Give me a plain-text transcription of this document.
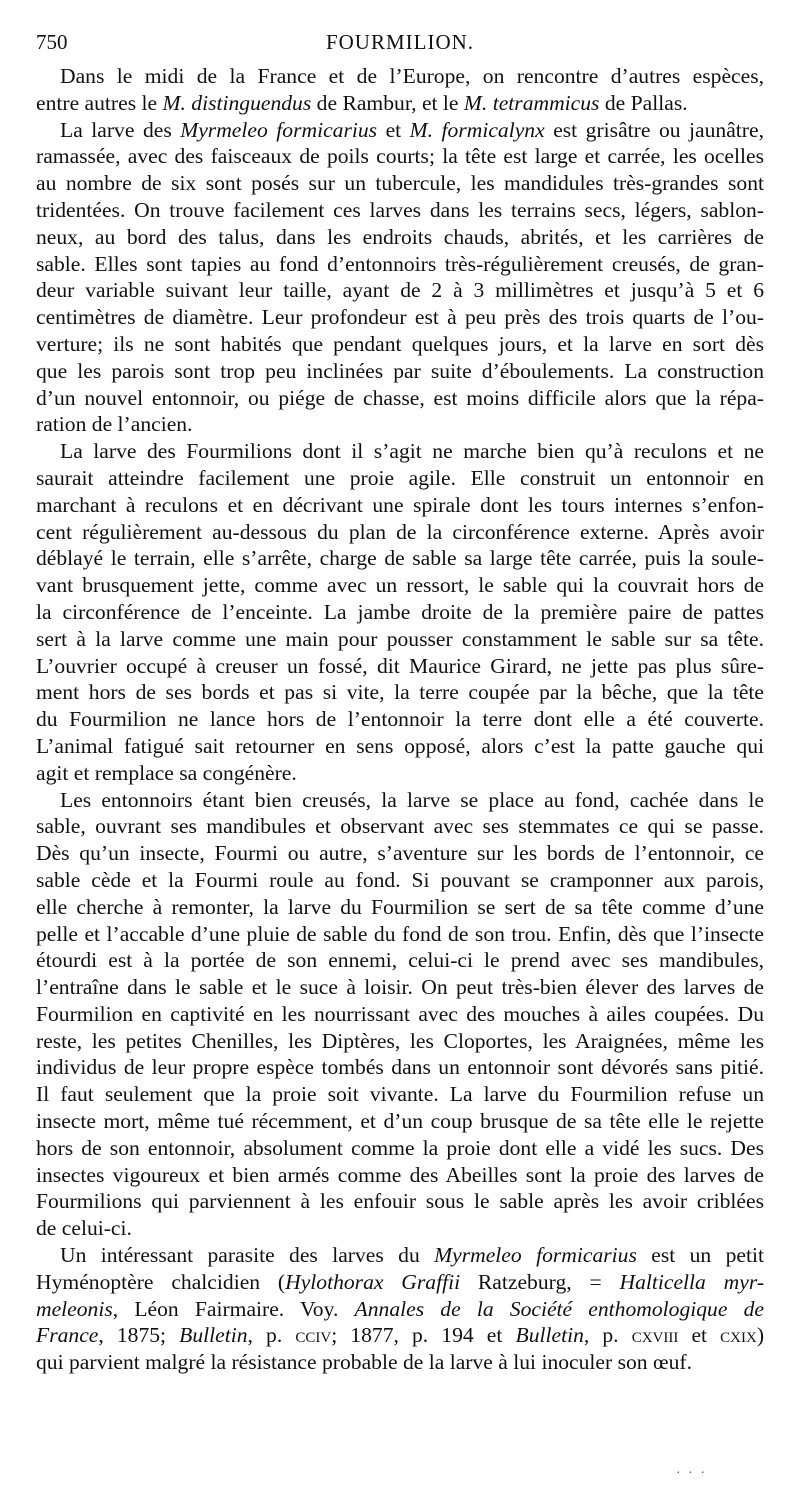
750	FOURMILION.
Dans le midi de la France et de l’Europe, on rencontre d’autres espèces,
entre autres le M. distinguendus de Rambur, et le M. tetrammicus de Pallas.
La larve des Myrmeleo formicarius et M. formicalynx est grisâtre ou jaunâtre,
ramassée, avec des faisceaux de poils courts; la tête est large et carrée, les ocelles
au nombre de six sont posés sur un tubercule, les mandidules très-grandes sont
tridentées. On trouve facilement ces larves dans les terrains secs, légers, sablon-
neux, au bord des talus, dans les endroits chauds, abrités, et les carrières de
sable. Elles sont tapies au fond d’entonnoirs très-régulièrement creusés, de gran-
deur variable suivant leur taille, ayant de 2 à 3 millimètres et jusqu’à 5 et 6
centimètres de diamètre. Leur profondeur est à peu près des trois quarts de l’ou-
verture; ils ne sont habités que pendant quelques jours, et la larve en sort dès
que les parois sont trop peu inclinées par suite d’éboulements. La construction
d’un nouvel entonnoir, ou piége de chasse, est moins difficile alors que la répa-
ration de l’ancien.
La larve des Fourmilions dont il s’agit ne marche bien qu’à reculons et ne
saurait atteindre facilement une proie agile. Elle construit un entonnoir en
marchant à reculons et en décrivant une spirale dont les tours internes s’enfon-
cent régulièrement au-dessous du plan de la circonférence externe. Après avoir
déblayé le terrain, elle s’arrête, charge de sable sa large tête carrée, puis la soule-
vant brusquement jette, comme avec un ressort, le sable qui la couvrait hors de
la circonférence de l’enceinte. La jambe droite de la première paire de pattes
sert à la larve comme une main pour pousser constamment le sable sur sa tête.
L’ouvrier occupé à creuser un fossé, dit Maurice Girard, ne jette pas plus sûre-
ment hors de ses bords et pas si vite, la terre coupée par la bêche, que la tête
du Fourmilion ne lance hors de l’entonnoir la terre dont elle a été couverte.
L’animal fatigué sait retourner en sens opposé, alors c’est la patte gauche qui
agit et remplace sa congénère.
Les entonnoirs étant bien creusés, la larve se place au fond, cachée dans le
sable, ouvrant ses mandibules et observant avec ses stemmates ce qui se passe.
Dès qu’un insecte, Fourmi ou autre, s’aventure sur les bords de l’entonnoir, ce
sable cède et la Fourmi roule au fond. Si pouvant se cramponner aux parois,
elle cherche à remonter, la larve du Fourmilion se sert de sa tête comme d’une
pelle et l’accable d’une pluie de sable du fond de son trou. Enfin, dès que l’insecte
étourdi est à la portée de son ennemi, celui-ci le prend avec ses mandibules,
l’entraîne dans le sable et le suce à loisir. On peut très-bien élever des larves de
Fourmilion en captivité en les nourrissant avec des mouches à ailes coupées. Du
reste, les petites Chenilles, les Diptères, les Cloportes, les Araignées, même les
individus de leur propre espèce tombés dans un entonnoir sont dévorés sans pitié.
Il faut seulement que la proie soit vivante. La larve du Fourmilion refuse un
insecte mort, même tué récemment, et d’un coup brusque de sa tête elle le rejette
hors de son entonnoir, absolument comme la proie dont elle a vidé les sucs. Des
insectes vigoureux et bien armés comme des Abeilles sont la proie des larves de
Fourmilions qui parviennent à les enfouir sous le sable après les avoir criblées
de celui-ci.
Un intéressant parasite des larves du Myrmeleo formicarius est un petit
Hyménoptère chalcidien (Hylothorax Graffii Ratzeburg, = Halticella myr-
meleonis, Léon Fairmaire. Voy. Annales de la Société enthomologique de
France, 1875; Bulletin, p. cciv; 1877, p. 194 et Bulletin, p. cxviii et cxix)
qui parvient malgré la résistance probable de la larve à lui inoculer son œuf.
· · ·
